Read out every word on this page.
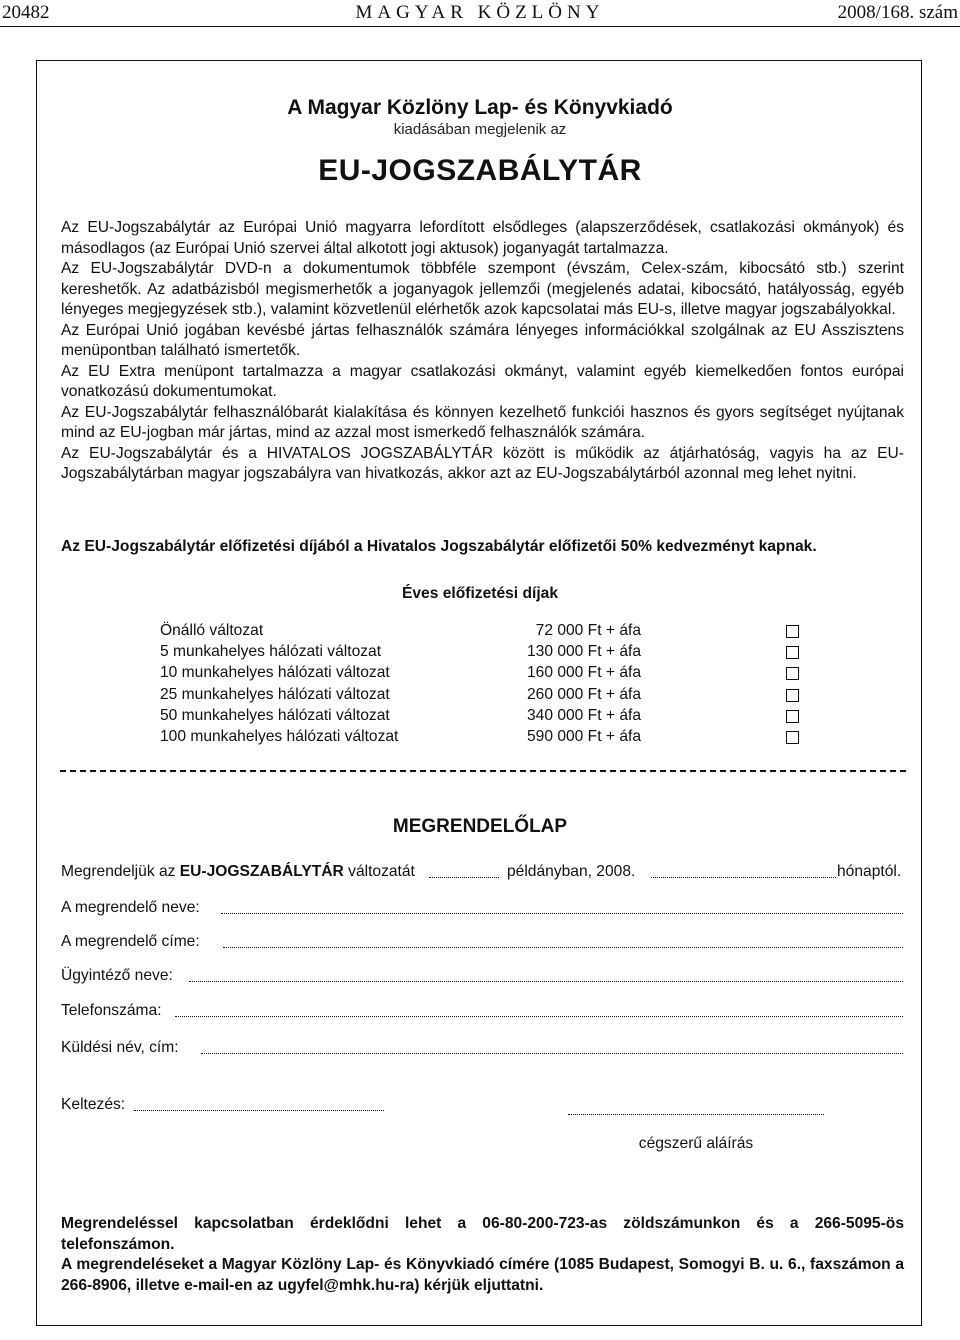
20482	MAGYAR KÖZLÖNY	2008/168. szám
A Magyar Közlöny Lap- és Könyvkiadó
kiadásában megjelenik az
EU-JOGSZABÁLYTÁR

Az EU-Jogszabálytár az Európai Unió magyarra lefordított elsődleges (alapszerződések, csatlakozási okmányok) és másodlagos (az Európai Unió szervei által alkotott jogi aktusok) joganyagát tartalmazza.

Az EU-Jogszabálytár DVD-n a dokumentumok többféle szempont (évszám, Celex-szám, kibocsátó stb.) szerint kereshetők. Az adatbázisból megismerhetők a joganyagok jellemzői (megjelenés adatai, kibocsátó, hatályosság, egyéb lényeges megjegyzések stb.), valamint közvetlenül elérhetők azok kapcsolatai más EU-s, illetve magyar jogszabályokkal.

Az Európai Unió jogában kevésbé jártas felhasználók számára lényeges információkkal szolgálnak az EU Asszisztens menüpontban található ismertetők.

Az EU Extra menüpont tartalmazza a magyar csatlakozási okmányt, valamint egyéb kiemelkedően fontos európai vonatkozású dokumentumokat.

Az EU-Jogszabálytár felhasználóbarát kialakítása és könnyen kezelhető funkciói hasznos és gyors segítséget nyújtanak mind az EU-jogban már jártas, mind az azzal most ismerkedő felhasználók számára.

Az EU-Jogszabálytár és a HIVATALOS JOGSZABÁLYTÁR között is működik az átjárhatóság, vagyis ha az EU-Jogszabálytárban magyar jogszabályra van hivatkozás, akkor azt az EU-Jogszabálytárból azonnal meg lehet nyitni.

Az EU-Jogszabálytár előfizetési díjából a Hivatalos Jogszabálytár előfizetői 50% kedvezményt kapnak.
Éves előfizetési díjak
Önálló változat	72 000 Ft + áfa
5 munkahelyes hálózati változat	130 000 Ft + áfa
10 munkahelyes hálózati változat	160 000 Ft + áfa
25 munkahelyes hálózati változat	260 000 Ft + áfa
50 munkahelyes hálózati változat	340 000 Ft + áfa
100 munkahelyes hálózati változat	590 000 Ft + áfa
MEGRENDELŐLAP
Megrendeljük az EU-JOGSZABÁLYTÁR változatát	példányban, 2008.	hónaptól.
A megrendelő neve:
A megrendelő címe:
Ügyintéző neve:
Telefonszáma:
Küldési név, cím:
Keltezés:
cégszerű aláírás

Megrendeléssel kapcsolatban érdeklődni lehet a 06-80-200-723-as zöldszámunkon és a 266-5095-ös telefonszámon.

A megrendeléseket a Magyar Közlöny Lap- és Könyvkiadó címére (1085 Budapest, Somogyi B. u. 6., faxszámon a 266-8906, illetve e-mail-en az ugyfel@mhk.hu-ra) kérjük eljuttatni.
